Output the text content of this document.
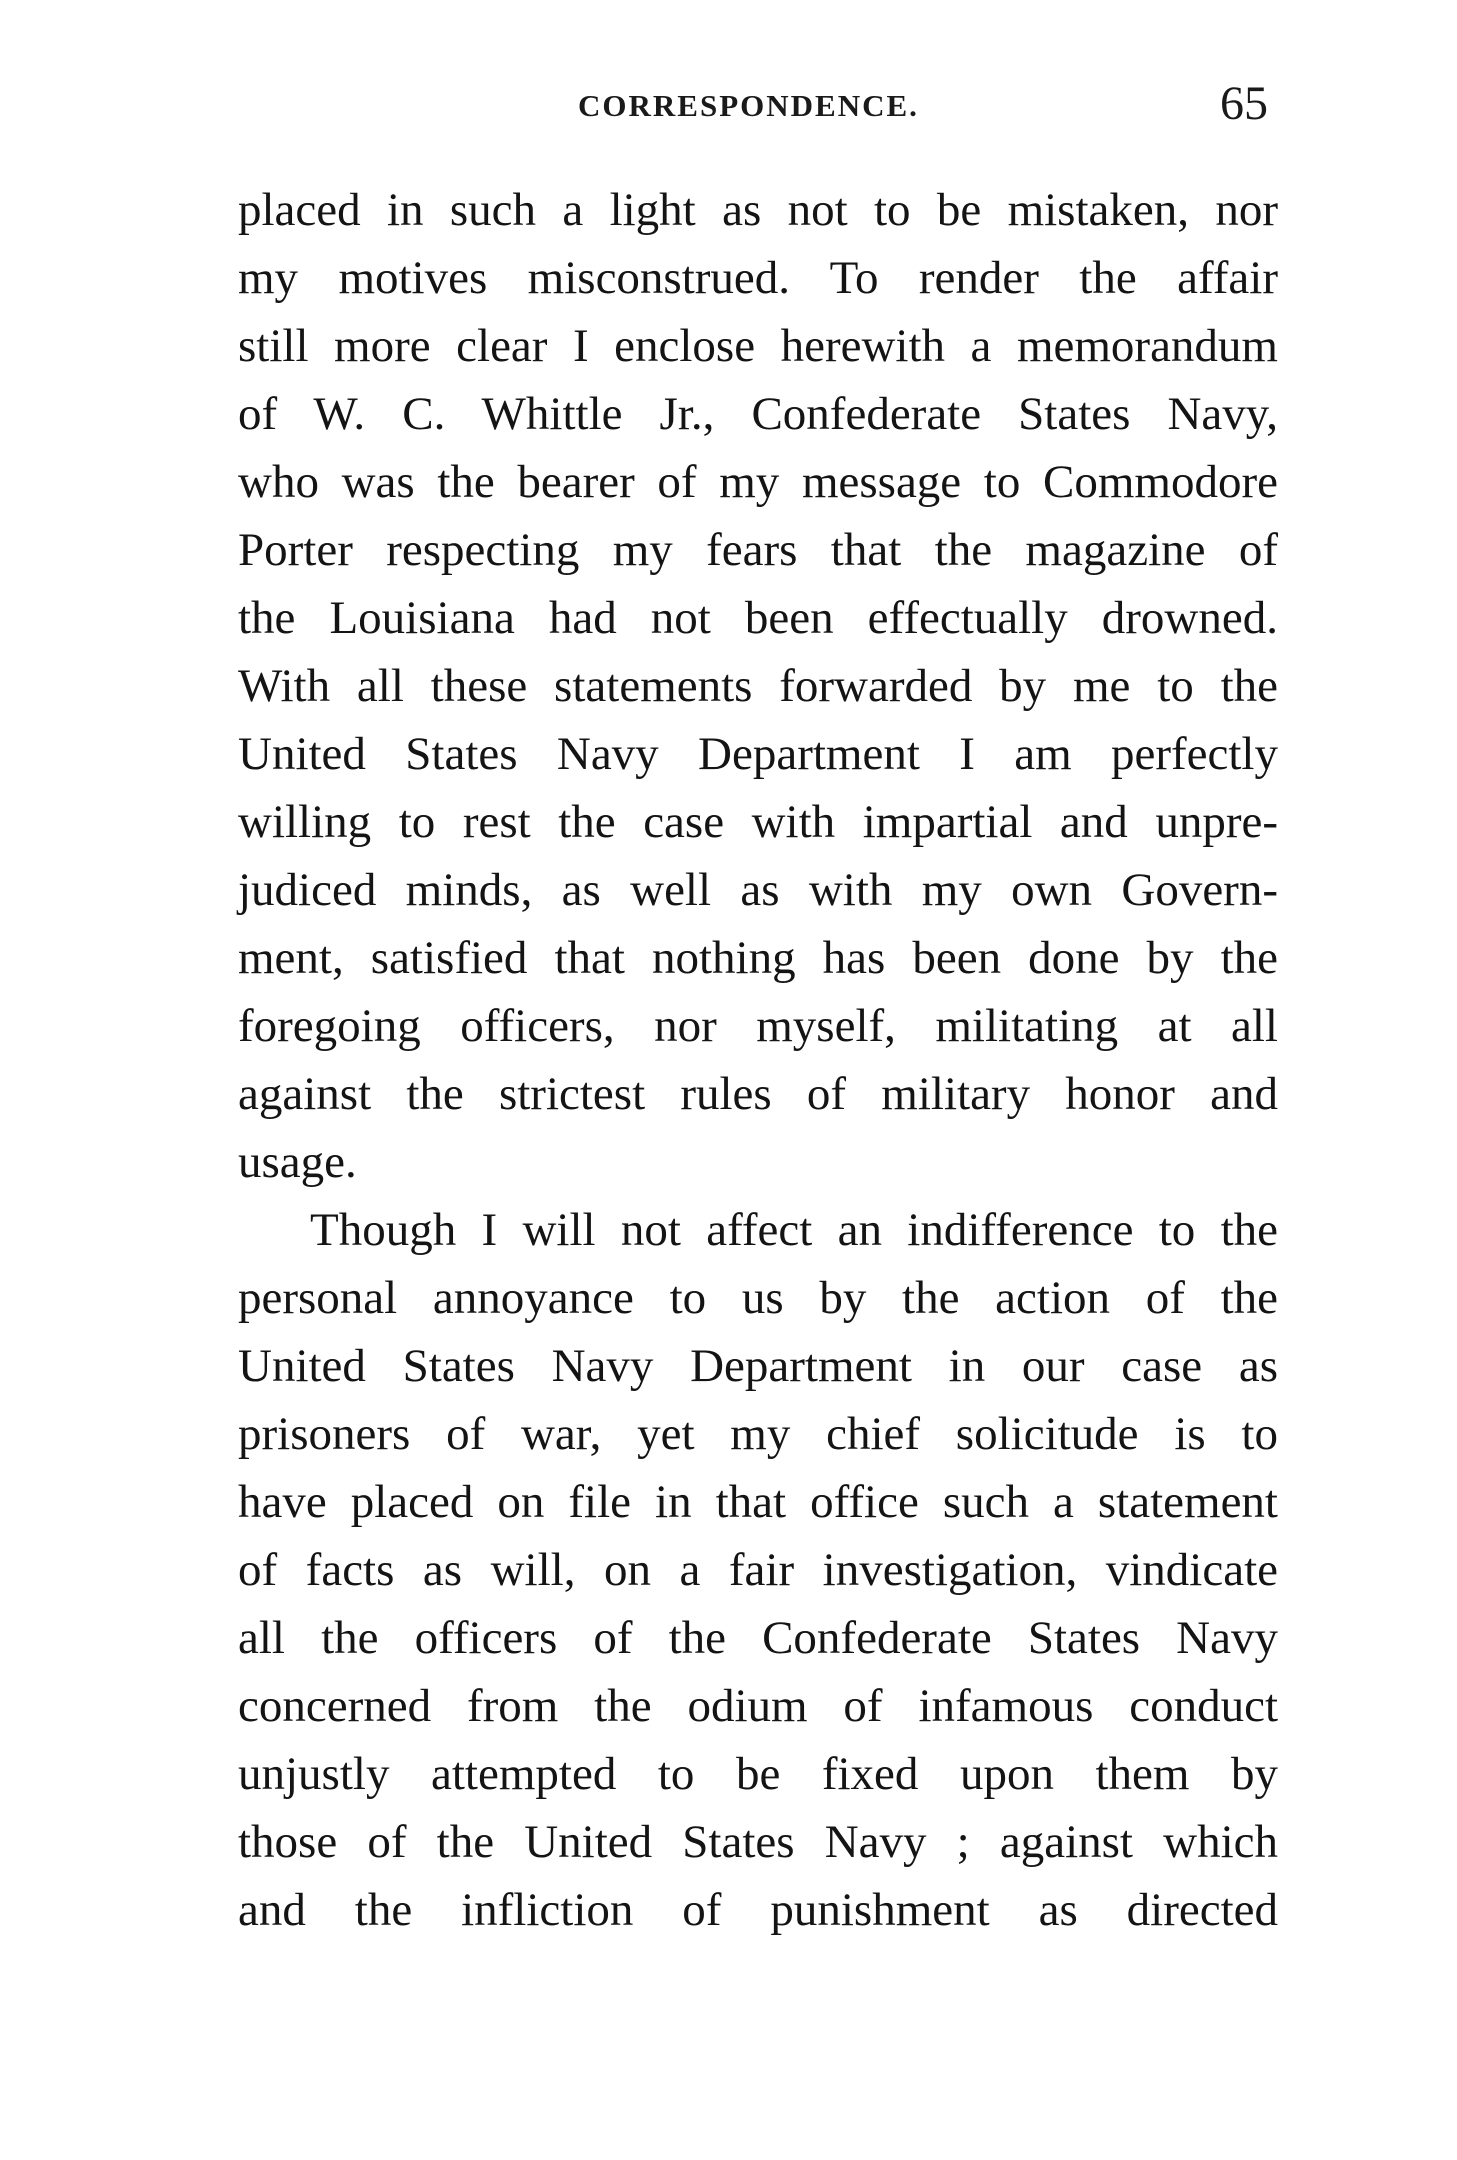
CORRESPONDENCE.	65
placed in such a light as not to be mistaken, nor
my motives misconstrued. To render the affair
still more clear I enclose herewith a memorandum
of W. C. Whittle Jr., Confederate States Navy,
who was the bearer of my message to Commodore
Porter respecting my fears that the magazine of
the Louisiana had not been effectually drowned.
With all these statements forwarded by me to the
United States Navy Department I am perfectly
willing to rest the case with impartial and unpre-
judiced minds, as well as with my own Govern-
ment, satisfied that nothing has been done by the
foregoing officers, nor myself, militating at all
against the strictest rules of military honor and
usage.
Though I will not affect an indifference to the
personal annoyance to us by the action of the
United States Navy Department in our case as
prisoners of war, yet my chief solicitude is to
have placed on file in that office such a statement
of facts as will, on a fair investigation, vindicate
all the officers of the Confederate States Navy
concerned from the odium of infamous conduct
unjustly attempted to be fixed upon them by
those of the United States Navy ; against which
and the infliction of punishment as directed
